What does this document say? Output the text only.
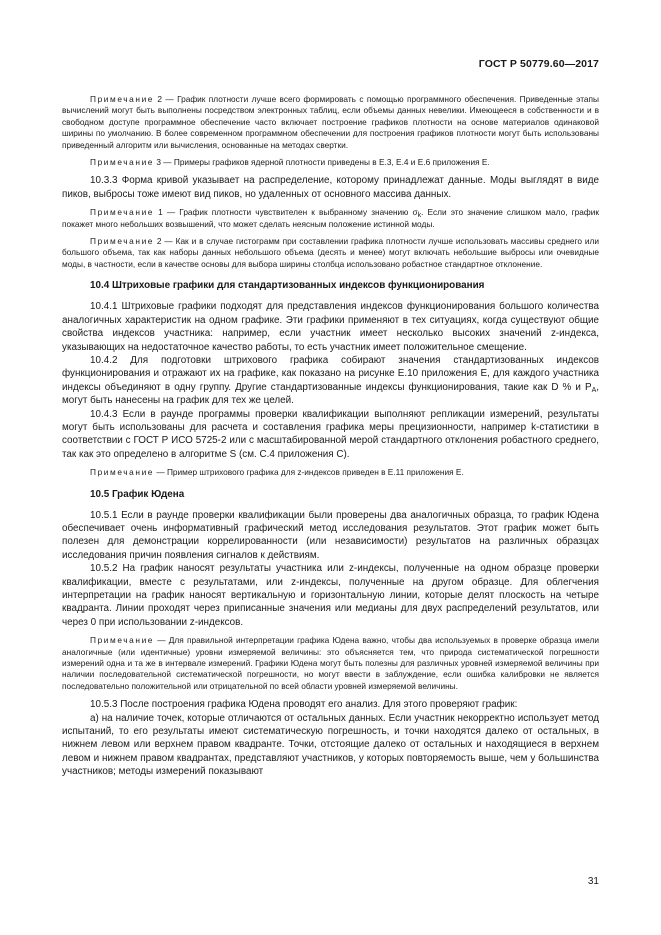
ГОСТ Р 50779.60—2017

Примечание 2 — График плотности лучше всего формировать с помощью программного обеспечения. Приведенные этапы вычислений могут быть выполнены посредством электронных таблиц, если объемы данных невелики. Имеющееся в собственности и в свободном доступе программное обеспечение часто включает построение графиков плотности на основе материалов одинаковой ширины по умолчанию. В более современном программном обеспечении для построения графиков плотности могут быть использованы приведенный алгоритм или вычисления, основанные на методах свертки.

Примечание 3 — Примеры графиков ядерной плотности приведены в Е.3, Е.4 и Е.6 приложения Е.

10.3.3 Форма кривой указывает на распределение, которому принадлежат данные. Моды выглядят в виде пиков, выбросы тоже имеют вид пиков, но удаленных от основного массива данных.

Примечание 1 — График плотности чувствителен к выбранному значению $\sigma_k$. Если это значение слишком мало, график покажет много небольших возвышений, что может сделать неясным положение истинной моды.

Примечание 2 — Как и в случае гистограмм при составлении графика плотности лучше использовать массивы среднего или большого объема, так как наборы данных небольшого объема (десять и менее) могут включать небольшие выбросы или очевидные моды, в частности, если в качестве основы для выбора ширины столбца использовано робастное стандартное отклонение.

10.4 Штриховые графики для стандартизованных индексов функционирования

10.4.1 Штриховые графики подходят для представления индексов функционирования большого количества аналогичных характеристик на одном графике. Эти графики применяют в тех ситуациях, когда существуют общие свойства индексов участника: например, если участник имеет несколько высоких значений z-индекса, указывающих на недостаточное качество работы, то есть участник имеет положительное смещение.

10.4.2 Для подготовки штрихового графика собирают значения стандартизованных индексов функционирования и отражают их на графике, как показано на рисунке Е.10 приложения Е, для каждого участника индексы объединяют в одну группу. Другие стандартизованные индексы функционирования, такие как D % и $P_A$, могут быть нанесены на график для тех же целей.

10.4.3 Если в раунде программы проверки квалификации выполняют репликации измерений, результаты могут быть использованы для расчета и составления графика меры прецизионности, например k-статистики в соответствии с ГОСТ Р ИСО 5725-2 или с масштабированной мерой стандартного отклонения робастного среднего, так как это определено в алгоритме S (см. С.4 приложения С).

Примечание — Пример штрихового графика для z-индексов приведен в Е.11 приложения Е.

10.5 График Юдена

10.5.1 Если в раунде проверки квалификации были проверены два аналогичных образца, то график Юдена обеспечивает очень информативный графический метод исследования результатов. Этот график может быть полезен для демонстрации коррелированности (или независимости) результатов на различных образцах исследования причин появления сигналов к действиям.

10.5.2 На график наносят результаты участника или z-индексы, полученные на одном образце проверки квалификации, вместе с результатами, или z-индексы, полученные на другом образце. Для облегчения интерпретации на график наносят вертикальную и горизонтальную линии, которые делят плоскость на четыре квадранта. Линии проходят через приписанные значения или медианы для двух распределений результатов, или через 0 при использовании z-индексов.

Примечание — Для правильной интерпретации графика Юдена важно, чтобы два используемых в проверке образца имели аналогичные (или идентичные) уровни измеряемой величины: это объясняется тем, что природа систематической погрешности измерений одна и та же в интервале измерений. Графики Юдена могут быть полезны для различных уровней измеряемой величины при наличии последовательной систематической погрешности, но могут ввести в заблуждение, если ошибка калибровки не является последовательно положительной или отрицательной по всей области уровней измеряемой величины.

10.5.3 После построения графика Юдена проводят его анализ. Для этого проверяют график:

а) на наличие точек, которые отличаются от остальных данных. Если участник некорректно использует метод испытаний, то его результаты имеют систематическую погрешность, и точки находятся далеко от остальных, в нижнем левом или верхнем правом квадранте. Точки, отстоящие далеко от остальных и находящиеся в верхнем левом и нижнем правом квадрантах, представляют участников, у которых повторяемость выше, чем у большинства участников; методы измерений показывают

31
